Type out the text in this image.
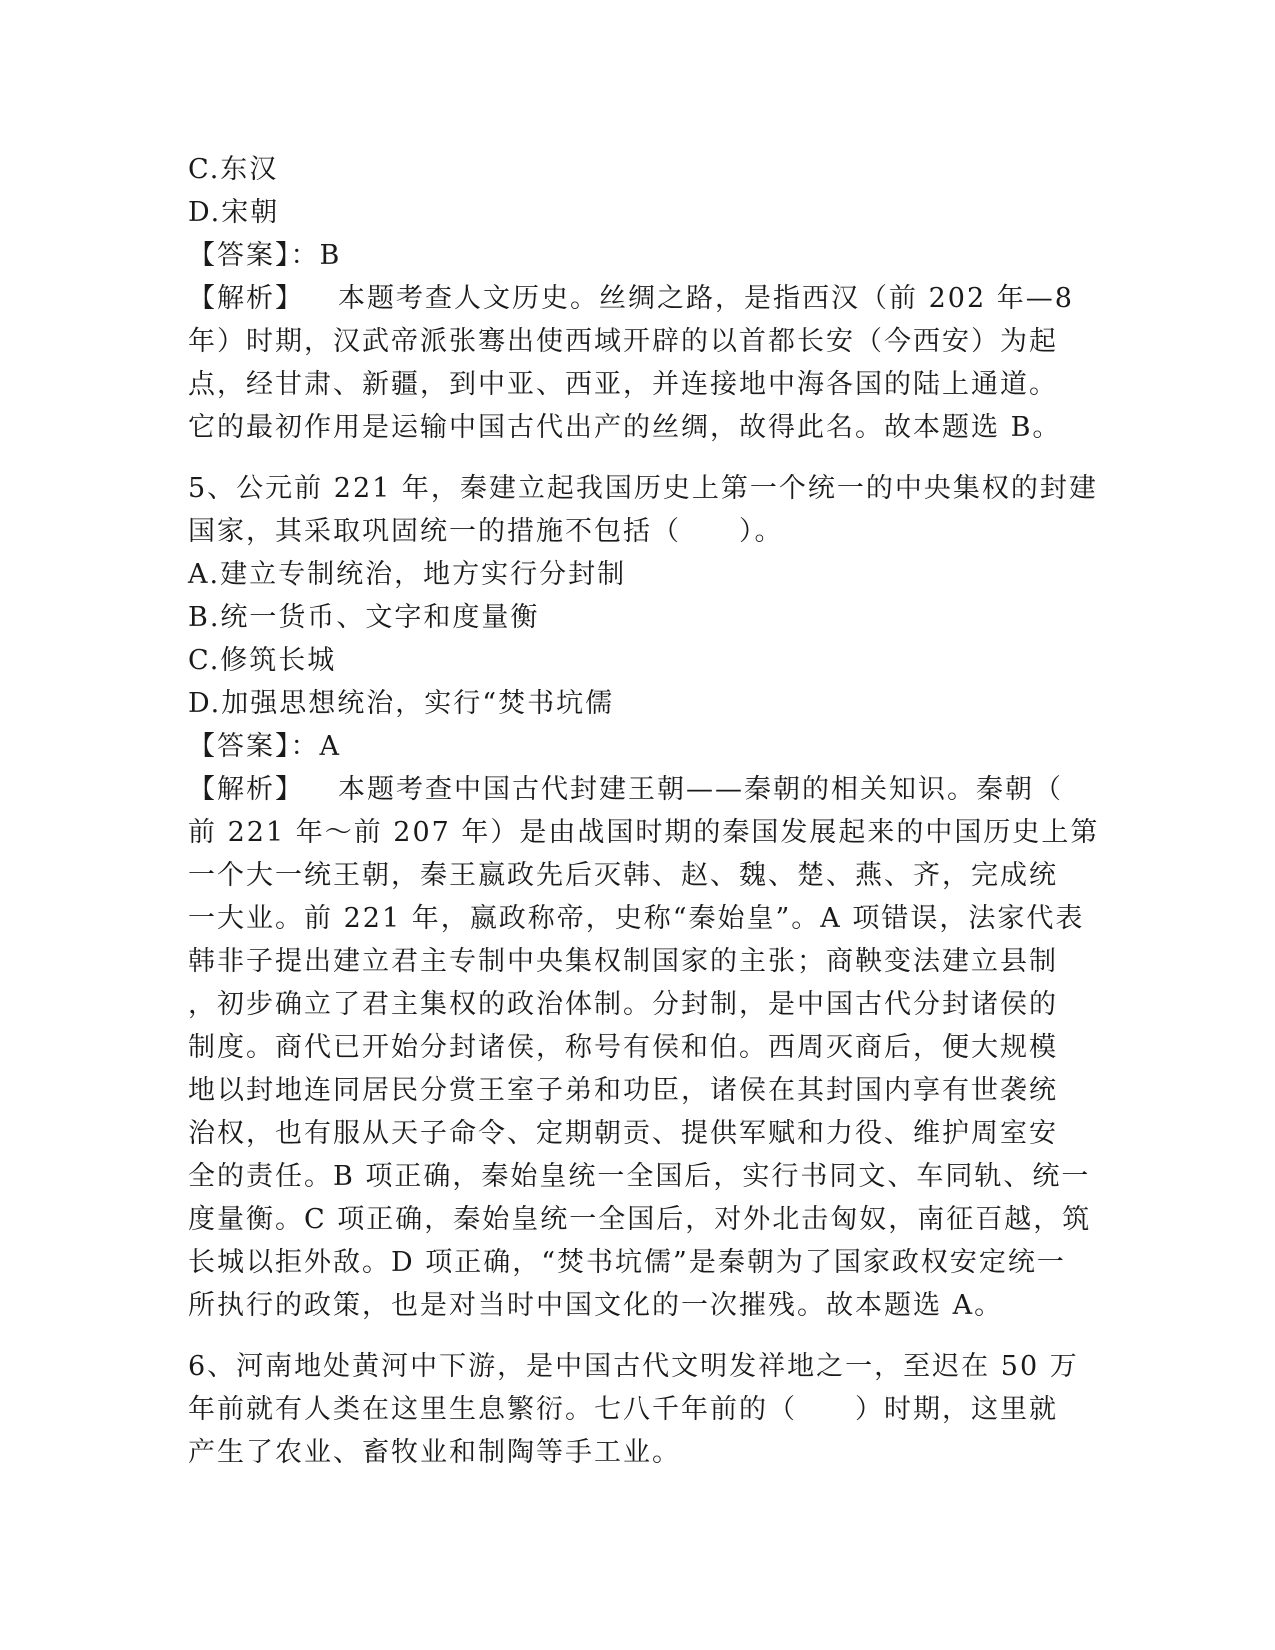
C.东汉
D.宋朝
【答案】：B
【解析】 本题考查人文历史。丝绸之路，是指西汉（前 202 年—8
年）时期，汉武帝派张骞出使西域开辟的以首都长安（今西安）为起
点，经甘肃、新疆，到中亚、西亚，并连接地中海各国的陆上通道。
它的最初作用是运输中国古代出产的丝绸，故得此名。故本题选 B。
5、公元前 221 年，秦建立起我国历史上第一个统一的中央集权的封建
国家，其采取巩固统一的措施不包括（　　）。
A.建立专制统治，地方实行分封制
B.统一货币、文字和度量衡
C.修筑长城
D.加强思想统治，实行“焚书坑儒
【答案】：A
【解析】 本题考查中国古代封建王朝——秦朝的相关知识。秦朝（
前 221 年～前 207 年）是由战国时期的秦国发展起来的中国历史上第
一个大一统王朝，秦王嬴政先后灭韩、赵、魏、楚、燕、齐，完成统
一大业。前 221 年，嬴政称帝，史称“秦始皇”。A 项错误，法家代表
韩非子提出建立君主专制中央集权制国家的主张；商鞅变法建立县制
，初步确立了君主集权的政治体制。分封制，是中国古代分封诸侯的
制度。商代已开始分封诸侯，称号有侯和伯。西周灭商后，便大规模
地以封地连同居民分赏王室子弟和功臣，诸侯在其封国内享有世袭统
治权，也有服从天子命令、定期朝贡、提供军赋和力役、维护周室安
全的责任。B 项正确，秦始皇统一全国后，实行书同文、车同轨、统一
度量衡。C 项正确，秦始皇统一全国后，对外北击匈奴，南征百越，筑
长城以拒外敌。D 项正确，“焚书坑儒”是秦朝为了国家政权安定统一
所执行的政策，也是对当时中国文化的一次摧残。故本题选 A。
6、河南地处黄河中下游，是中国古代文明发祥地之一，至迟在 50 万
年前就有人类在这里生息繁衍。七八千年前的（　　）时期，这里就
产生了农业、畜牧业和制陶等手工业。
